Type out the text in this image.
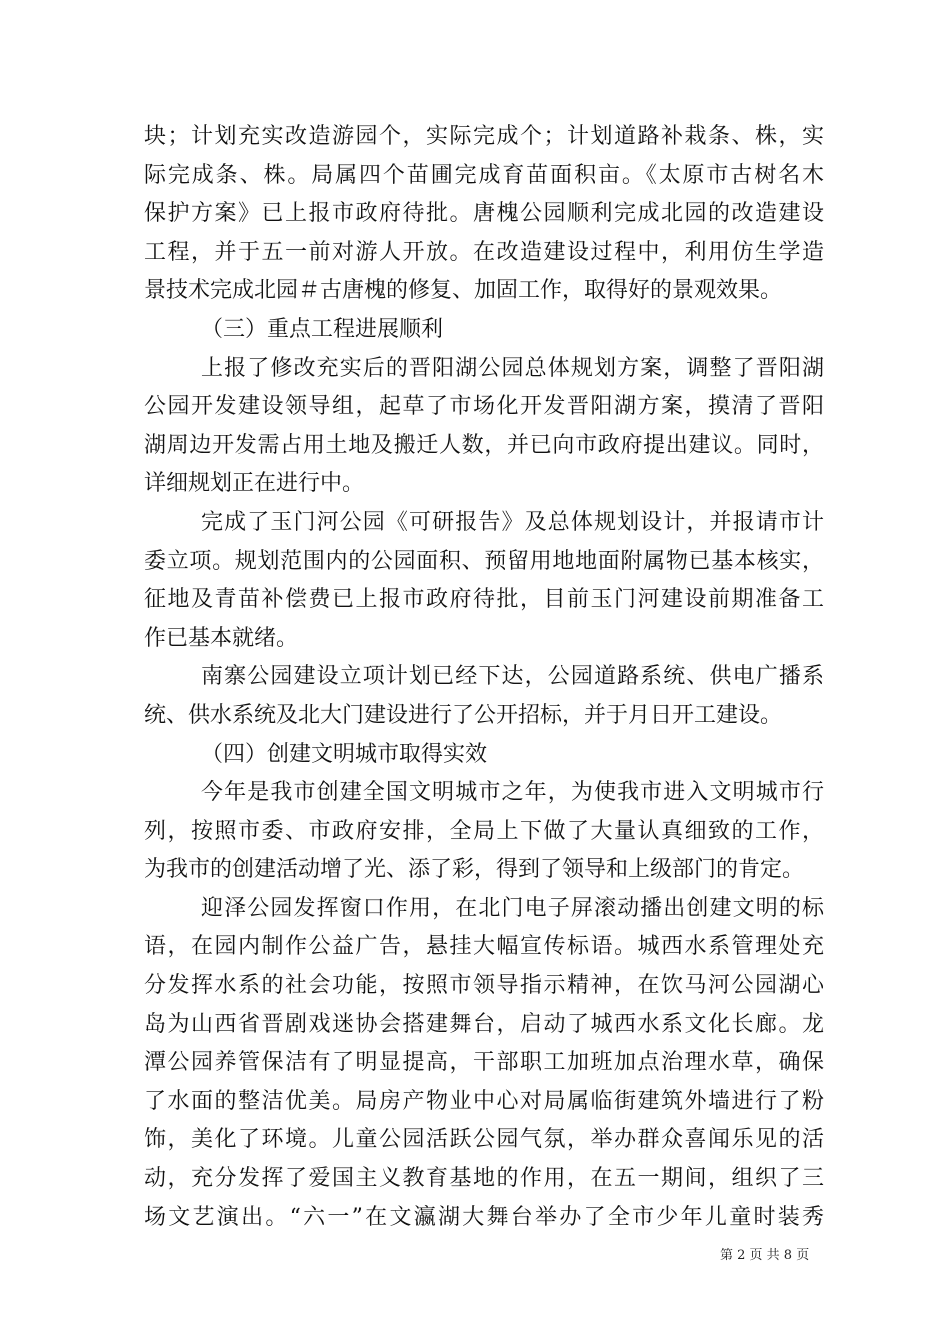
块；计划充实改造游园个，实际完成个；计划道路补栽条、株，实
际完成条、株。局属四个苗圃完成育苗面积亩。《太原市古树名木
保护方案》已上报市政府待批。唐槐公园顺利完成北园的改造建设
工程，并于五一前对游人开放。在改造建设过程中，利用仿生学造
景技术完成北园＃古唐槐的修复、加固工作，取得好的景观效果。
（三）重点工程进展顺利
上报了修改充实后的晋阳湖公园总体规划方案，调整了晋阳湖
公园开发建设领导组，起草了市场化开发晋阳湖方案，摸清了晋阳
湖周边开发需占用土地及搬迁人数，并已向市政府提出建议。同时，
详细规划正在进行中。
完成了玉门河公园《可研报告》及总体规划设计，并报请市计
委立项。规划范围内的公园面积、预留用地地面附属物已基本核实，
征地及青苗补偿费已上报市政府待批，目前玉门河建设前期准备工
作已基本就绪。
南寨公园建设立项计划已经下达，公园道路系统、供电广播系
统、供水系统及北大门建设进行了公开招标，并于月日开工建设。
（四）创建文明城市取得实效
今年是我市创建全国文明城市之年，为使我市进入文明城市行
列，按照市委、市政府安排，全局上下做了大量认真细致的工作，
为我市的创建活动增了光、添了彩，得到了领导和上级部门的肯定。
迎泽公园发挥窗口作用，在北门电子屏滚动播出创建文明的标
语，在园内制作公益广告，悬挂大幅宣传标语。城西水系管理处充
分发挥水系的社会功能，按照市领导指示精神，在饮马河公园湖心
岛为山西省晋剧戏迷协会搭建舞台，启动了城西水系文化长廊。龙
潭公园养管保洁有了明显提高，干部职工加班加点治理水草，确保
了水面的整洁优美。局房产物业中心对局属临街建筑外墙进行了粉
饰，美化了环境。儿童公园活跃公园气氛，举办群众喜闻乐见的活
动，充分发挥了爱国主义教育基地的作用，在五一期间，组织了三
场文艺演出。“六一”在文瀛湖大舞台举办了全市少年儿童时装秀
第 2 页 共 8 页
